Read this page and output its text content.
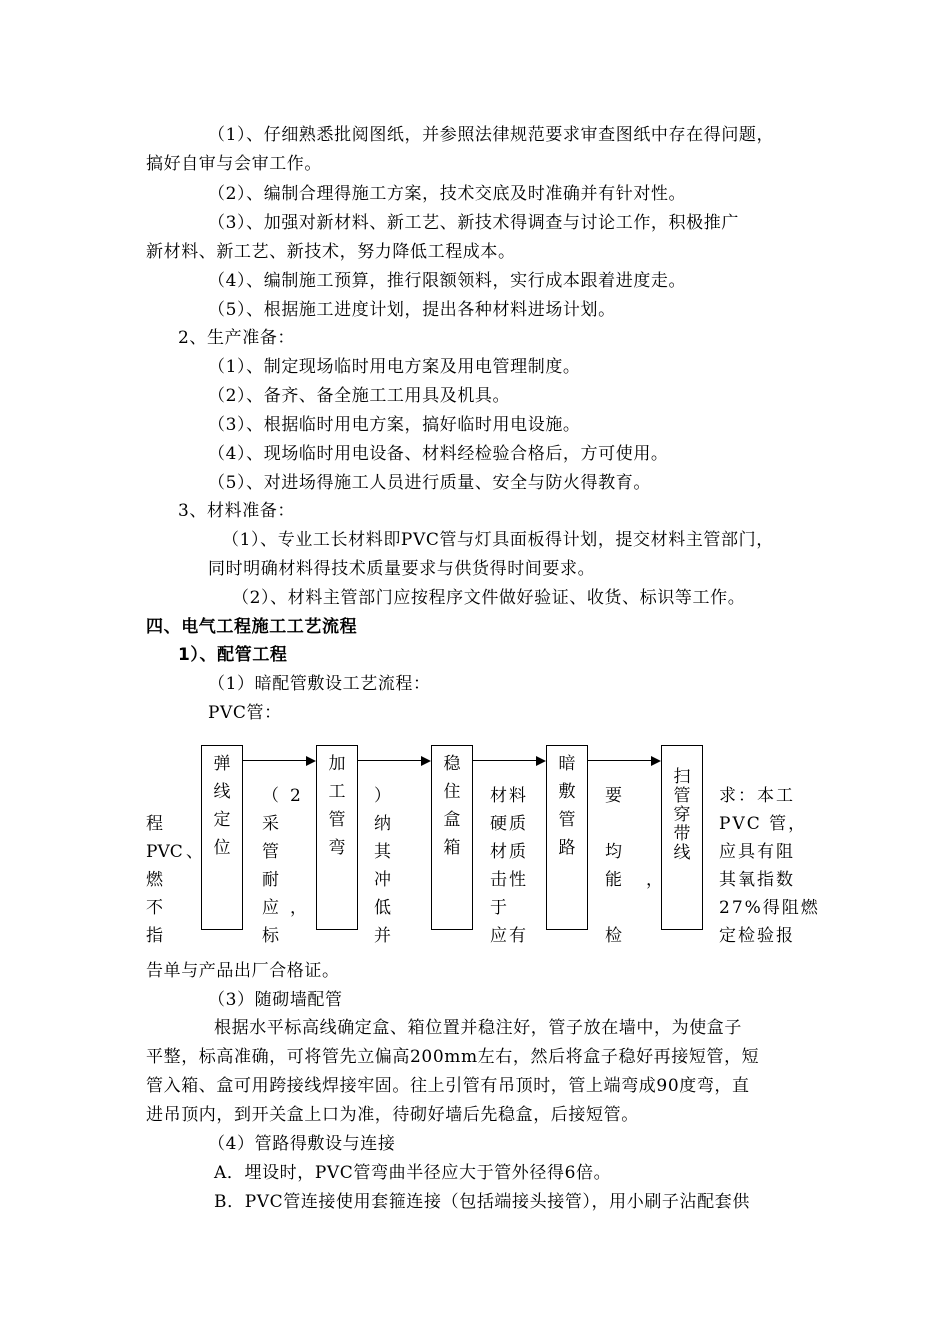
（1）、仔细熟悉批阅图纸，并参照法律规范要求审查图纸中存在得问题，
搞好自审与会审工作。
（2）、编制合理得施工方案，技术交底及时准确并有针对性。
（3）、加强对新材料、新工艺、新技术得调查与讨论工作，积极推广
新材料、新工艺、新技术，努力降低工程成本。
（4）、编制施工预算，推行限额领料，实行成本跟着进度走。
（5）、根据施工进度计划，提出各种材料进场计划。
2、生产准备：
（1）、制定现场临时用电方案及用电管理制度。
（2）、备齐、备全施工工用具及机具。
（3）、根据临时用电方案，搞好临时用电设施。
（4）、现场临时用电设备、材料经检验合格后，方可使用。
（5）、对进场得施工人员进行质量、安全与防火得教育。
3、材料准备：
（1）、专业工长材料即PVC管与灯具面板得计划，提交材料主管部门，
同时明确材料得技术质量要求与供货得时间要求。
（2）、材料主管部门应按程序文件做好验证、收货、标识等工作。
四、电气工程施工工艺流程
1）、配管工程
（1）暗配管敷设工艺流程：
PVC管：
弹
线
定
位
加
工
管
弯
稳
住
盒
箱
暗
敷
管
路
扫
管
穿
带
线
程
PVC
燃
不
指
、
（
采
管
耐
应
标
2
，
）
纳
其
冲
低
并
材料
硬质
材质
击性
于
应有
要
均
能
检
，
求：本工
PVC 管，
应具有阻
其氧指数
27%得阻燃
定检验报
告单与产品出厂合格证。
（3）随砌墙配管
根据水平标高线确定盒、箱位置并稳注好，管子放在墙中，为使盒子
平整，标高准确，可将管先立偏高200mm左右，然后将盒子稳好再接短管，短
管入箱、盒可用跨接线焊接牢固。往上引管有吊顶时，管上端弯成90度弯，直
进吊顶内，到开关盒上口为准，待砌好墙后先稳盒，后接短管。
（4）管路得敷设与连接
A．埋设时，PVC管弯曲半径应大于管外径得6倍。
B．PVC管连接使用套箍连接（包括端接头接管），用小刷子沾配套供
